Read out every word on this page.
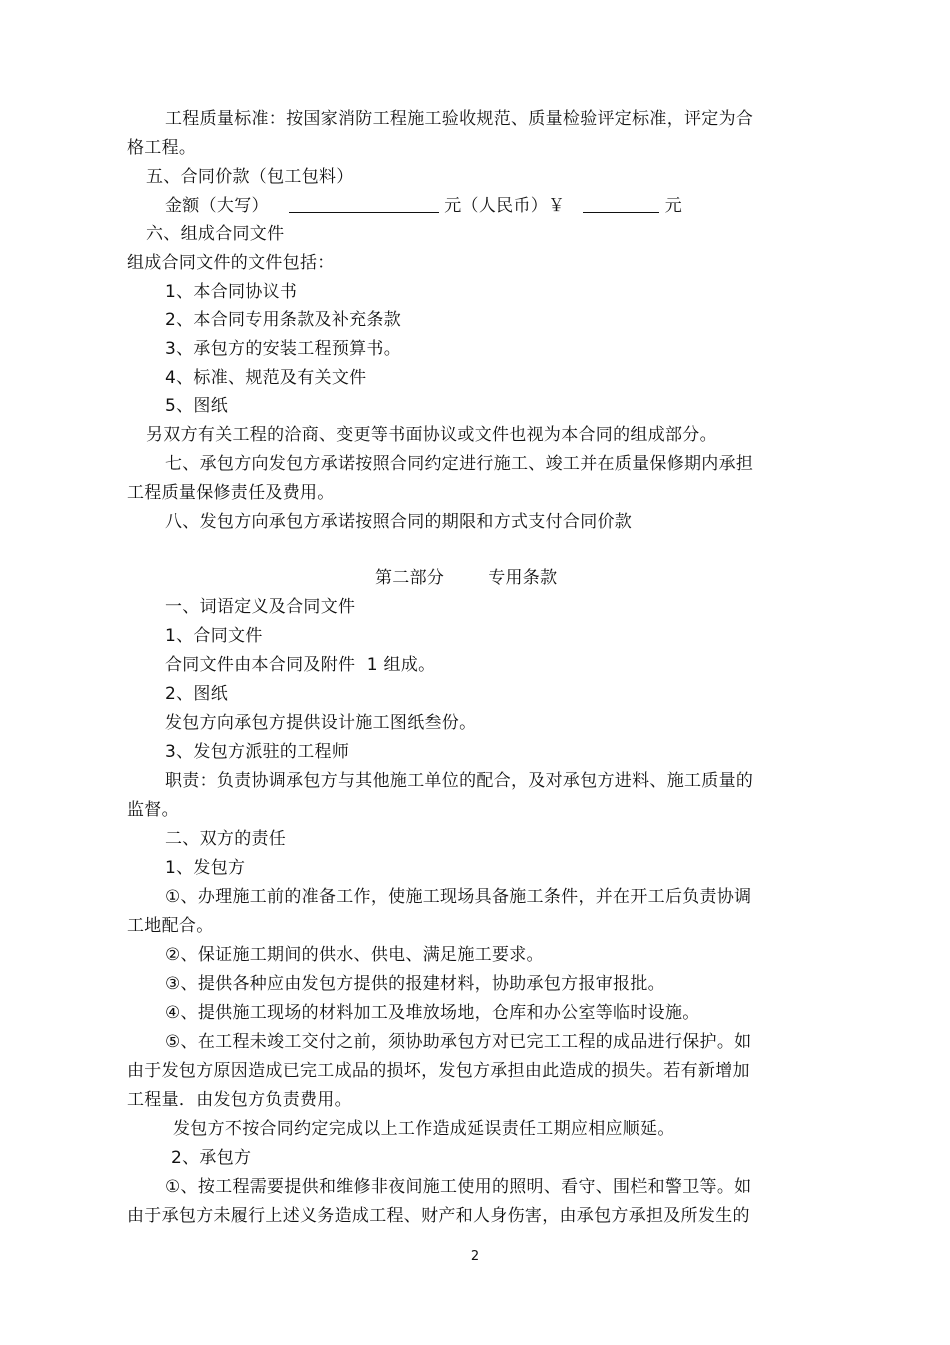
工程质量标准：按国家消防工程施工验收规范、质量检验评定标准，评定为合
格工程。
五、合同价款（包工包料）
金额（大写）	元（人民币）￥	元
六、组成合同文件
组成合同文件的文件包括：
1、本合同协议书
2、本合同专用条款及补充条款
3、承包方的安装工程预算书。
4、标准、规范及有关文件
5、图纸
另双方有关工程的洽商、变更等书面协议或文件也视为本合同的组成部分。
七、承包方向发包方承诺按照合同约定进行施工、竣工并在质量保修期内承担
工程质量保修责任及费用。
八、发包方向承包方承诺按照合同的期限和方式支付合同价款
第二部分	专用条款
一、词语定义及合同文件
1、合同文件
合同文件由本合同及附件  1 组成。
2、图纸
发包方向承包方提供设计施工图纸叁份。
3、发包方派驻的工程师
职责：负责协调承包方与其他施工单位的配合，及对承包方进料、施工质量的
监督。
二、双方的责任
1、发包方
①、办理施工前的准备工作，使施工现场具备施工条件，并在开工后负责协调
工地配合。
②、保证施工期间的供水、供电、满足施工要求。
③、提供各种应由发包方提供的报建材料，协助承包方报审报批。
④、提供施工现场的材料加工及堆放场地，仓库和办公室等临时设施。
⑤、在工程未竣工交付之前，须协助承包方对已完工工程的成品进行保护。如
由于发包方原因造成已完工成品的损坏，发包方承担由此造成的损失。若有新增加
工程量．由发包方负责费用。
发包方不按合同约定完成以上工作造成延误责任工期应相应顺延。
2、承包方
①、按工程需要提供和维修非夜间施工使用的照明、看守、围栏和警卫等。如
由于承包方未履行上述义务造成工程、财产和人身伤害，由承包方承担及所发生的
2
